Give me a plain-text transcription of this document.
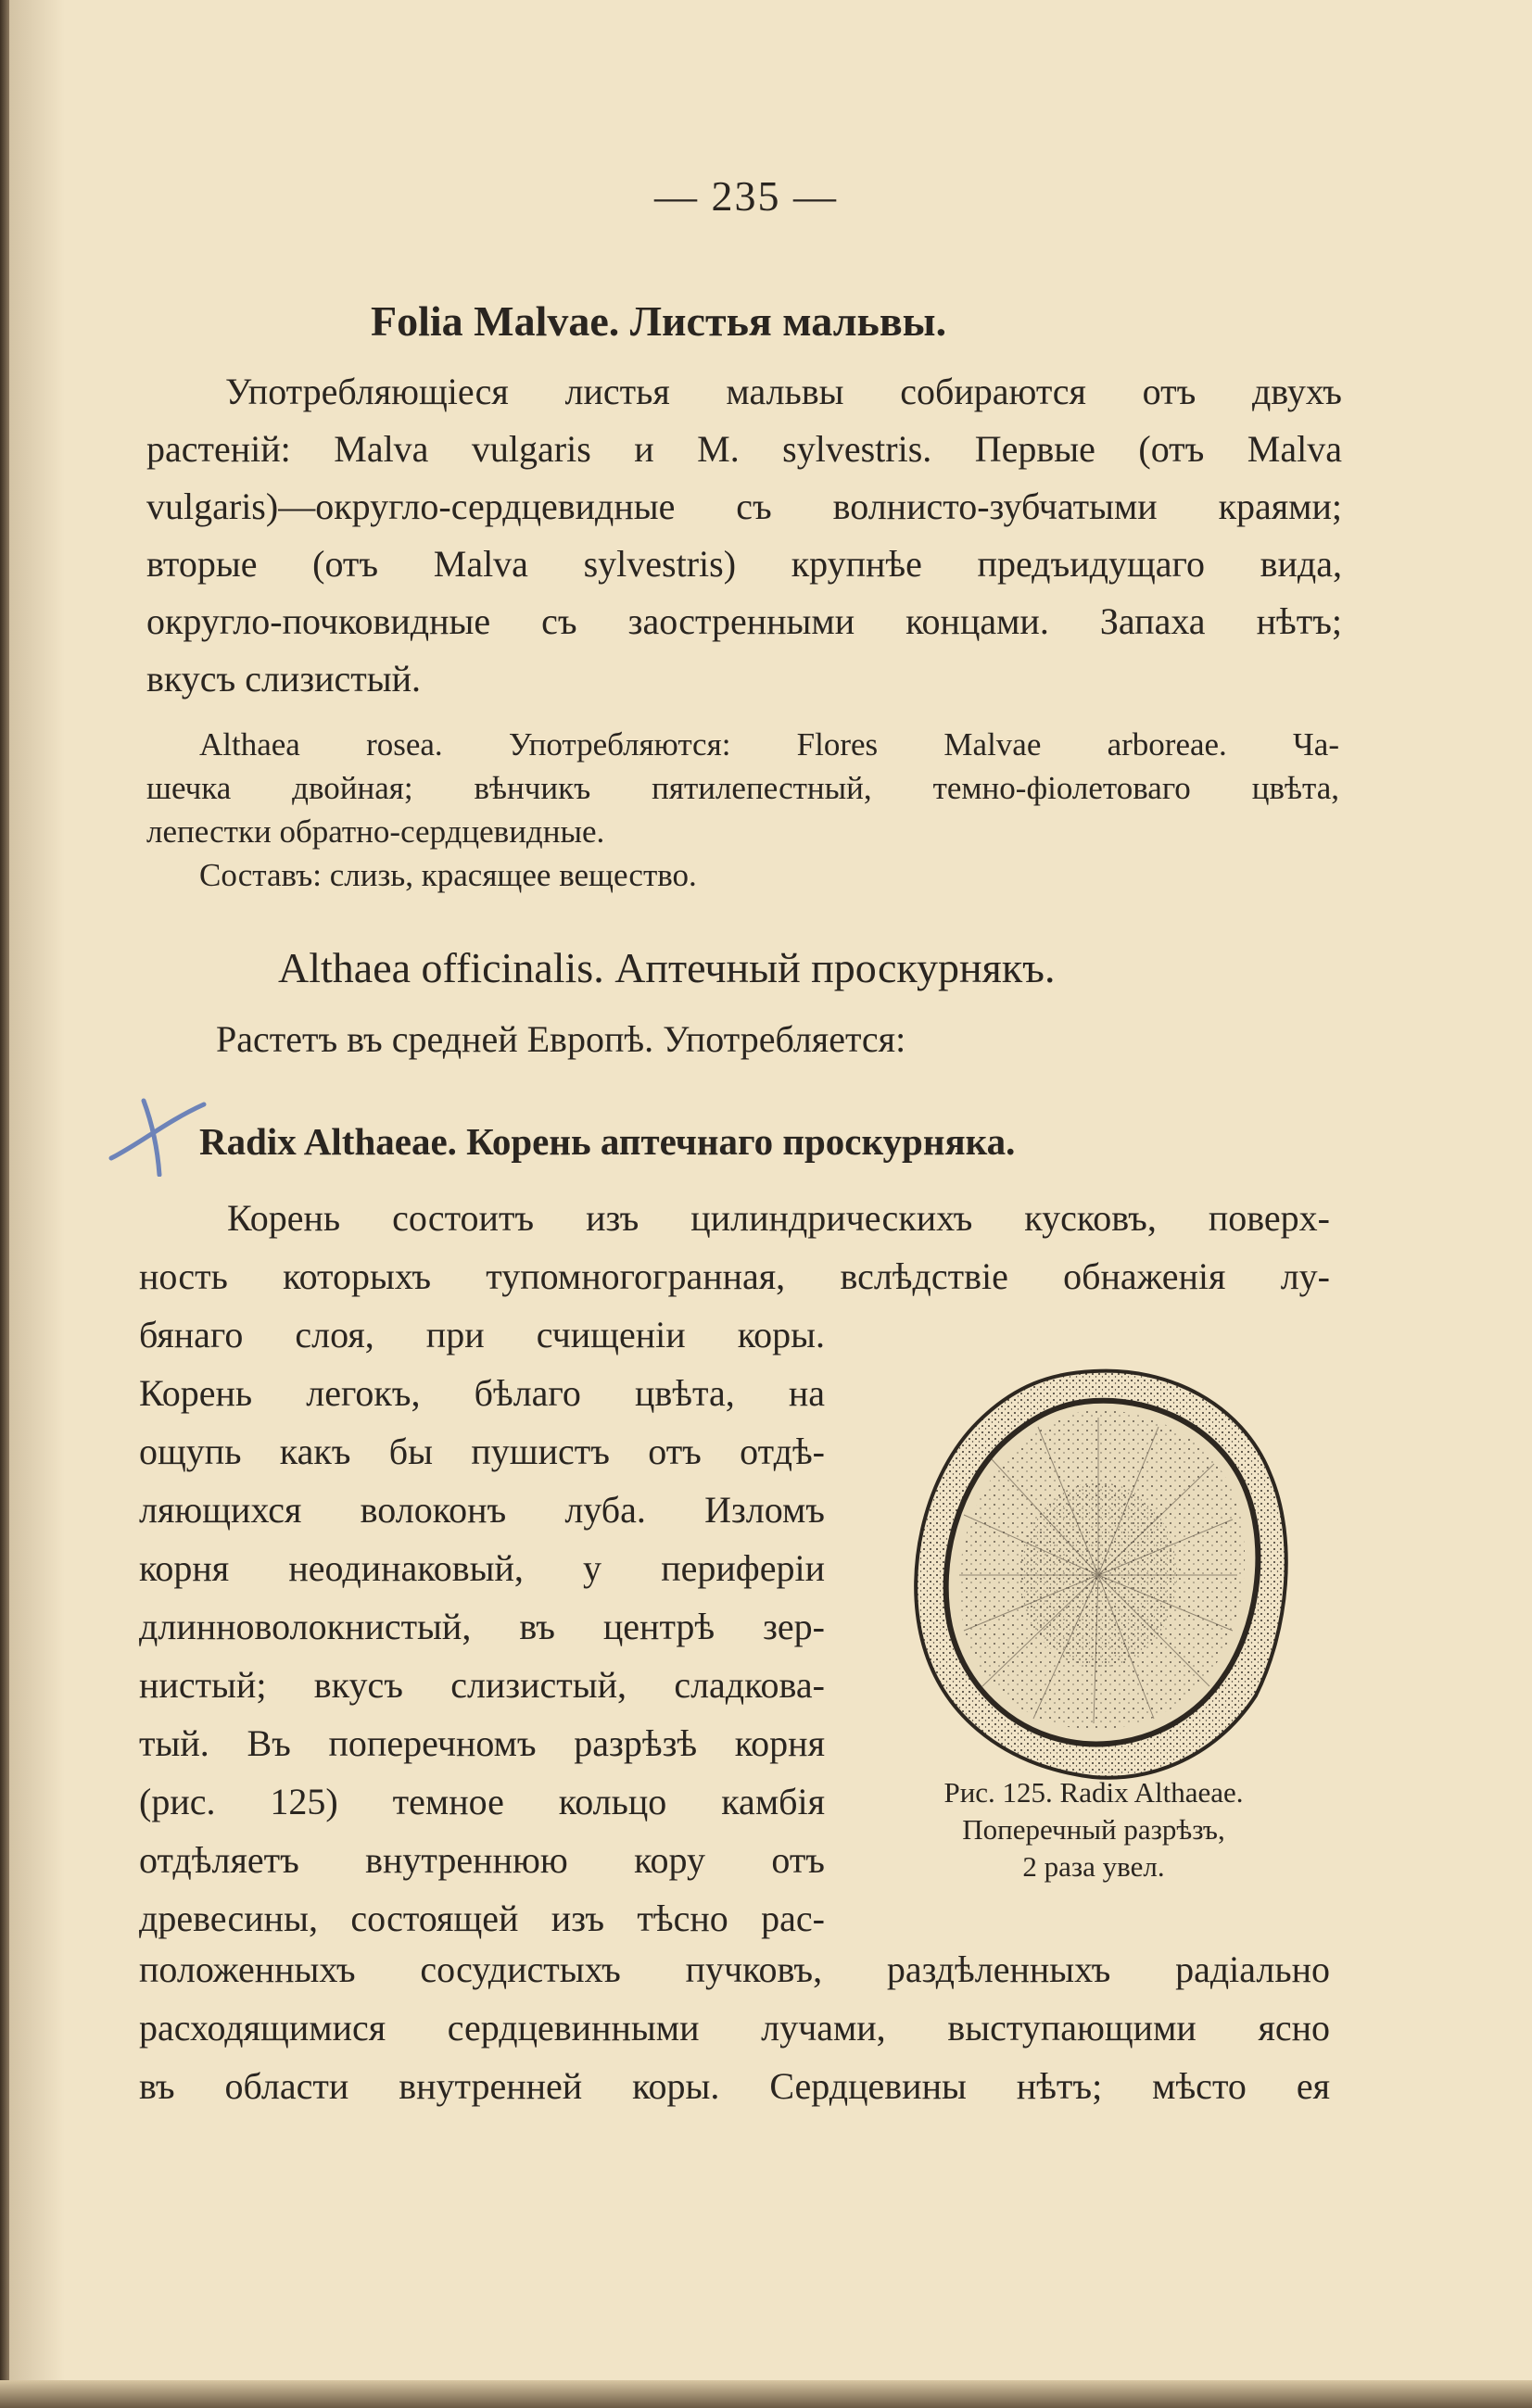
— 235 —
Folia Malvae. Листья мальвы.
Употребляющіеся листья мальвы собираются отъ двухъ
растеній: Malva vulgaris и M. sylvestris. Первые (отъ Malva
vulgaris)—округло-сердцевидные съ волнисто-зубчатыми краями;
вторые (отъ Malva sylvestris) крупнѣе предъидущаго вида,
округло-почковидные съ заостренными концами. Запаха нѣтъ;
вкусъ слизистый.
Althaea rosea. Употребляются: Flores Malvae arboreae. Ча-
шечка двойная; вѣнчикъ пятилепестный, темно-фіолетоваго цвѣта,
лепестки обратно-сердцевидные.
Составъ: слизь, красящее вещество.
Althaea officinalis. Аптечный проскурнякъ.
Растетъ въ средней Европѣ. Употребляется:
Radix Althaeae. Корень аптечнаго проскурняка.
Корень состоитъ изъ цилиндрическихъ кусковъ, поверх-
ность которыхъ тупомногогранная, вслѣдствіе обнаженія лу-
бянаго слоя, при счищеніи коры.
Корень легокъ, бѣлаго цвѣта, на
ощупь какъ бы пушистъ отъ отдѣ-
ляющихся волоконъ луба. Изломъ
корня неодинаковый, у периферіи
длинноволокнистый, въ центрѣ зер-
нистый; вкусъ слизистый, сладкова-
тый. Въ поперечномъ разрѣзѣ корня
(рис. 125) темное кольцо камбія
отдѣляетъ внутреннюю кору отъ
древесины, состоящей изъ тѣсно рас-
Рис. 125. Radix Althaeae.
Поперечный разрѣзъ,
2 раза увел.
положенныхъ сосудистыхъ пучковъ, раздѣленныхъ радіально
расходящимися сердцевинными лучами, выступающими ясно
въ области внутренней коры. Сердцевины нѣтъ; мѣсто ея
